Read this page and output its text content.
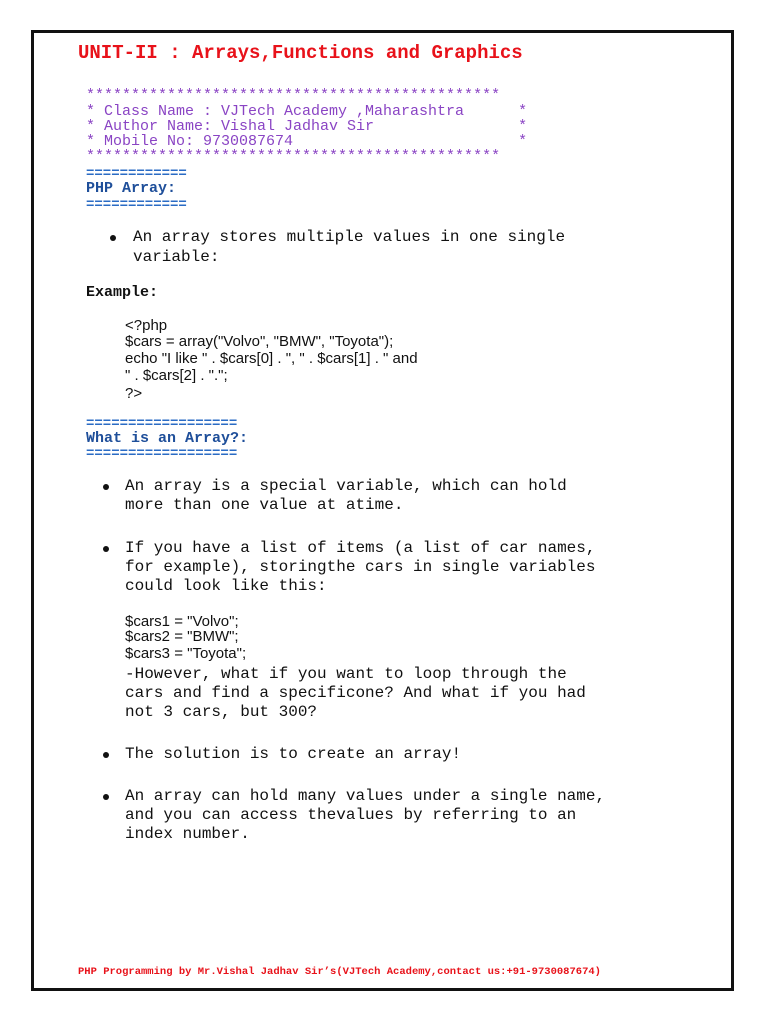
UNIT-II : Arrays,Functions and Graphics
**********************************************
* Class Name : VJTech Academy ,Maharashtra      *
* Author Name: Vishal Jadhav Sir                *
* Mobile No: 9730087674                         *
**********************************************
============
PHP Array:
============
An array stores multiple values in one single
variable:
Example:
<?php
$cars = array("Volvo", "BMW", "Toyota");
echo "I like " . $cars[0] . ", " . $cars[1] . " and
" . $cars[2] . ".";
?>
==================
What is an Array?:
==================
An array is a special variable, which can hold
more than one value at atime.
If you have a list of items (a list of car names,
for example), storingthe cars in single variables
could look like this:
$cars1 = "Volvo";
$cars2 = "BMW";
$cars3 = "Toyota";
-However, what if you want to loop through the
cars and find a specificone? And what if you had
not 3 cars, but 300?
The solution is to create an array!
An array can hold many values under a single name,
and you can access thevalues by referring to an
index number.
PHP Programming by Mr.Vishal Jadhav Sir’s(VJTech Academy,contact us:+91-9730087674)
